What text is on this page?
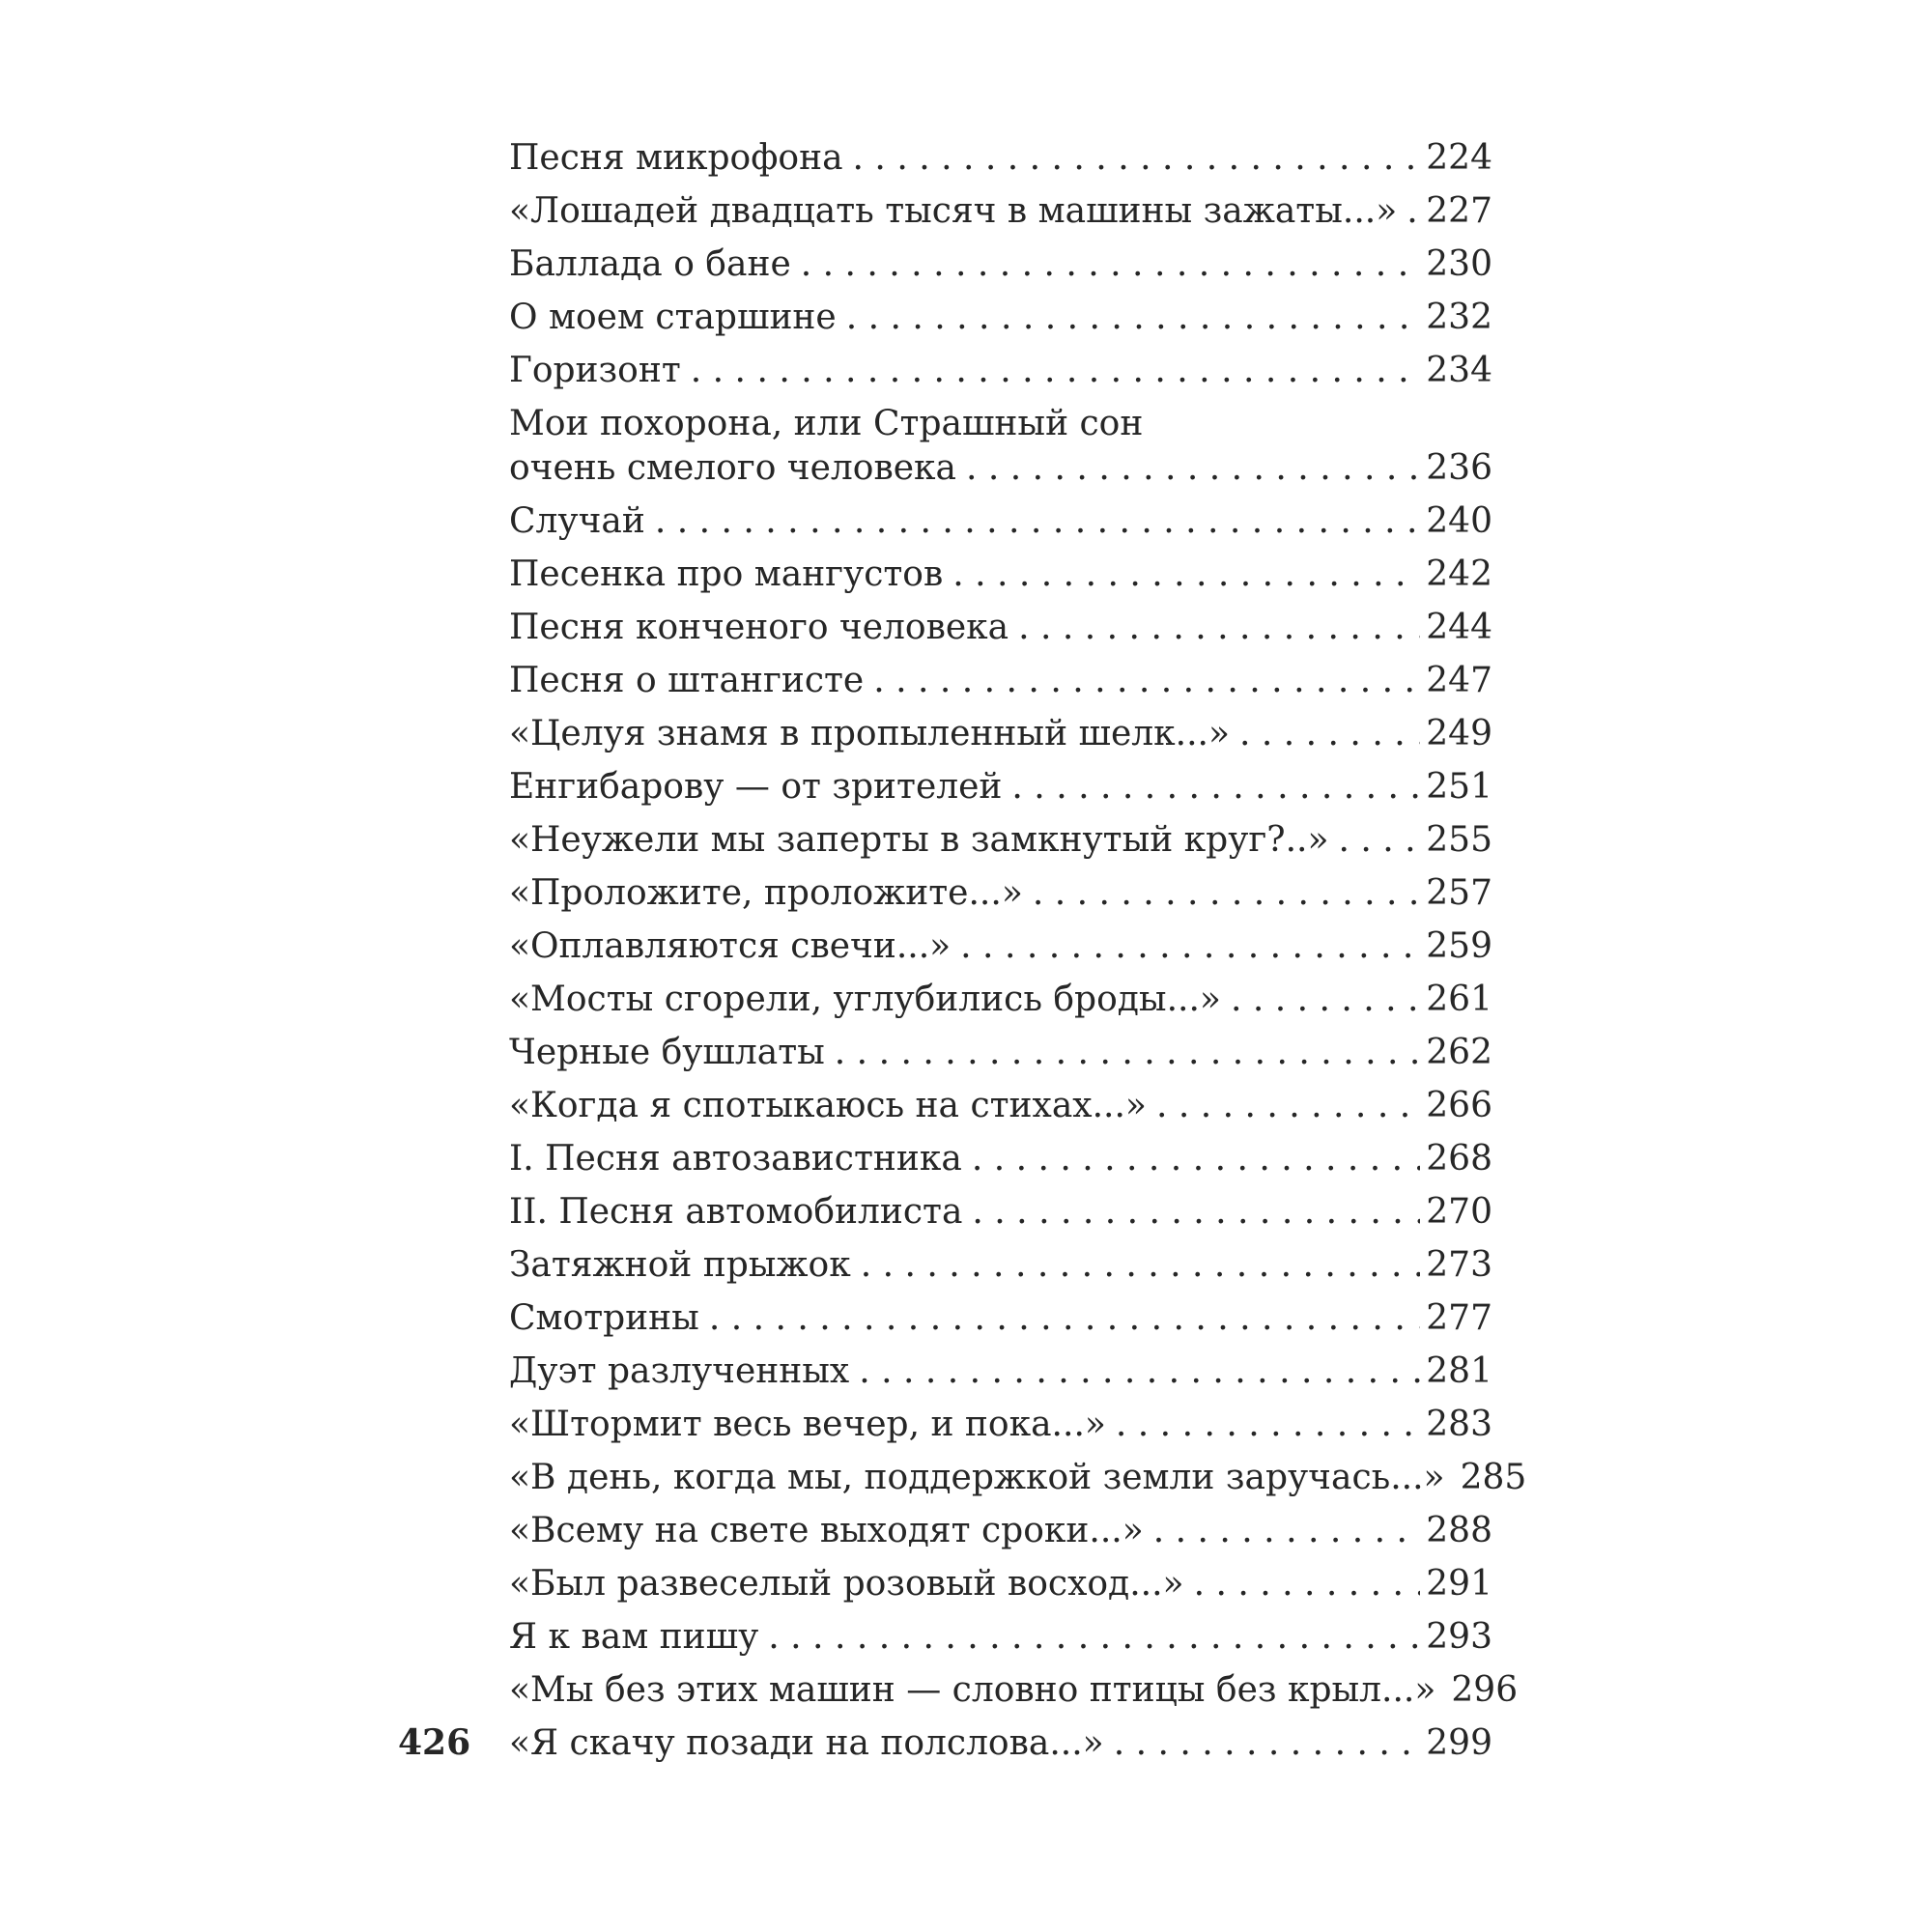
426
Песня микрофона . . .	224
«Лошадей двадцать тысяч в машины зажаты...» . . . 227
Баллада о бане . . .	230
О моем старшине . . .	232
Горизонт . . .	234
Мои похорона, или Страшный сон
очень смелого человека . . .	236
Случай . . .	240
Песенка про мангустов . . .	242
Песня конченого человека . . .	244
Песня о штангисте . . .	247
«Целуя знамя в пропыленный шелк...» . . .	249
Енгибарову — от зрителей . . .	251
«Неужели мы заперты в замкнутый круг?..» . . .	255
«Проложите, проложите...» . . .	257
«Оплавляются свечи...» . . .	259
«Мосты сгорели, углубились броды...» . . .	261
Черные бушлаты . . .	262
«Когда я спотыкаюсь на стихах...» . . .	266
I. Песня автозавистника . . .	268
II. Песня автомобилиста . . .	270
Затяжной прыжок . . .	273
Смотрины . . .	277
Дуэт разлученных . . .	281
«Штормит весь вечер, и пока...» . . .	283
«В день, когда мы, поддержкой земли заручась...» 285
«Всему на свете выходят сроки...» . . .	288
«Был развеселый розовый восход...» . . .	291
Я к вам пишу . . .	293
«Мы без этих машин — словно птицы без крыл...» 296
«Я скачу позади на полслова...» . . .	299
